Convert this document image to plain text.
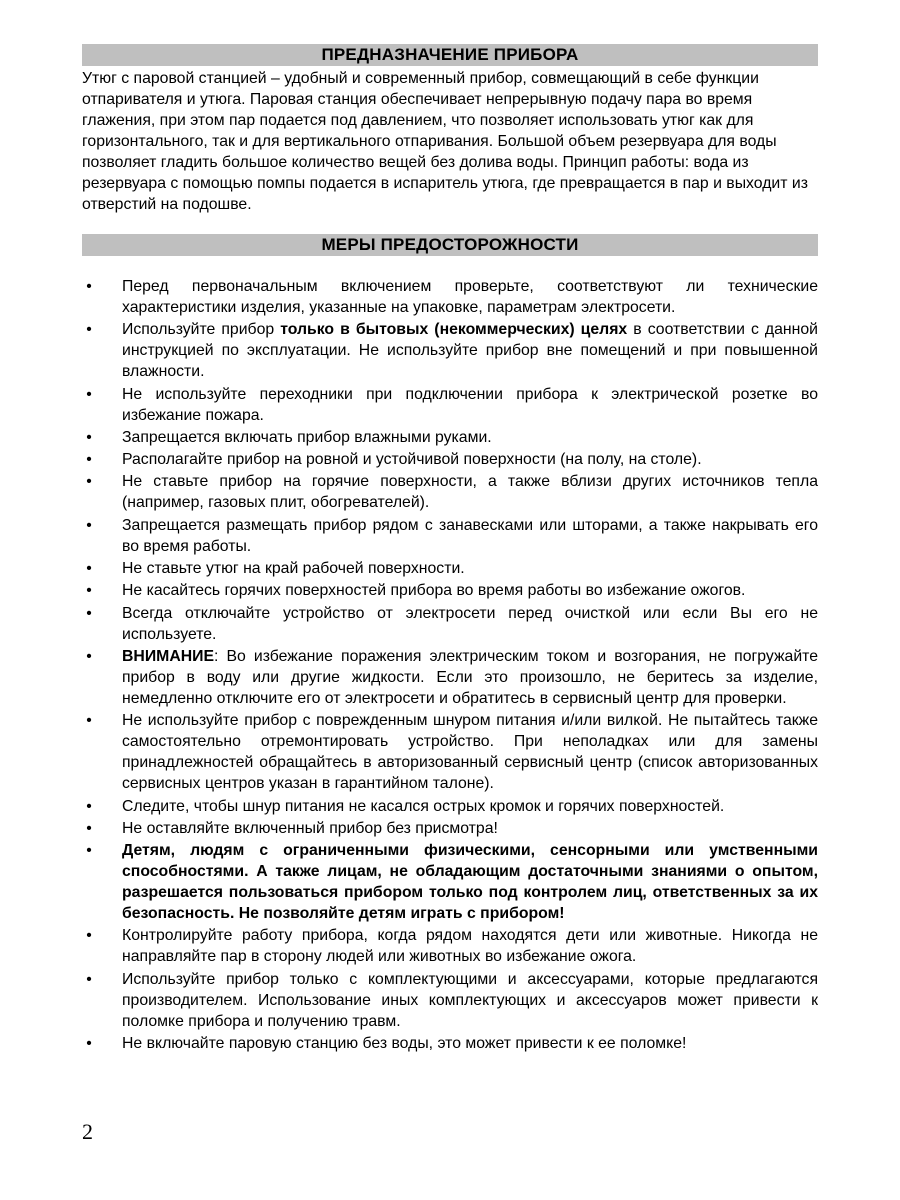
ПРЕДНАЗНАЧЕНИЕ ПРИБОРА

Утюг с паровой станцией – удобный и современный прибор, совмещающий в себе функции отпаривателя и утюга. Паровая станция обеспечивает непрерывную подачу пара во время глажения, при этом пар подается под давлением, что позволяет использовать утюг как для горизонтального, так и для вертикального отпаривания. Большой объем резервуара для воды позволяет гладить большое количество вещей без долива воды. Принцип работы: вода из резервуара с помощью помпы подается в испаритель утюга, где превращается в пар и выходит из отверстий на подошве.

МЕРЫ ПРЕДОСТОРОЖНОСТИ
• Перед первоначальным включением проверьте, соответствуют ли технические характеристики изделия, указанные на упаковке, параметрам электросети.
• Используйте прибор только в бытовых (некоммерческих) целях в соответствии с данной инструкцией по эксплуатации. Не используйте прибор вне помещений и при повышенной влажности.
• Не используйте переходники при подключении прибора к электрической розетке во избежание пожара.
• Запрещается включать прибор влажными руками.
• Располагайте прибор на ровной и устойчивой поверхности (на полу, на столе).
• Не ставьте прибор на горячие поверхности, а также вблизи других источников тепла (например, газовых плит, обогревателей).
• Запрещается размещать прибор рядом с занавесками или шторами, а также накрывать его во время работы.
• Не ставьте утюг на край рабочей поверхности.
• Не касайтесь горячих поверхностей прибора во время работы во избежание ожогов.
• Всегда отключайте устройство от электросети перед очисткой или если Вы его не используете.
• ВНИМАНИЕ: Во избежание поражения электрическим током и возгорания, не погружайте прибор в воду или другие жидкости. Если это произошло, не беритесь за изделие, немедленно отключите его от электросети и обратитесь в сервисный центр для проверки.
• Не используйте прибор с поврежденным шнуром питания и/или вилкой. Не пытайтесь также самостоятельно отремонтировать устройство. При неполадках или для замены принадлежностей обращайтесь в авторизованный сервисный центр (список авторизованных сервисных центров указан в гарантийном талоне).
• Следите, чтобы шнур питания не касался острых кромок и горячих поверхностей.
• Не оставляйте включенный прибор без присмотра!
• Детям, людям с ограниченными физическими, сенсорными или умственными способностями. А также лицам, не обладающим достаточными знаниями о опытом, разрешается пользоваться прибором только под контролем лиц, ответственных за их безопасность. Не позволяйте детям играть с прибором!
• Контролируйте работу прибора, когда рядом находятся дети или животные. Никогда не направляйте пар в сторону людей или животных во избежание ожога.
• Используйте прибор только с комплектующими и аксессуарами, которые предлагаются производителем. Использование иных комплектующих и аксессуаров может привести к поломке прибора и получению травм.
• Не включайте паровую станцию без воды, это может привести к ее поломке!
2
